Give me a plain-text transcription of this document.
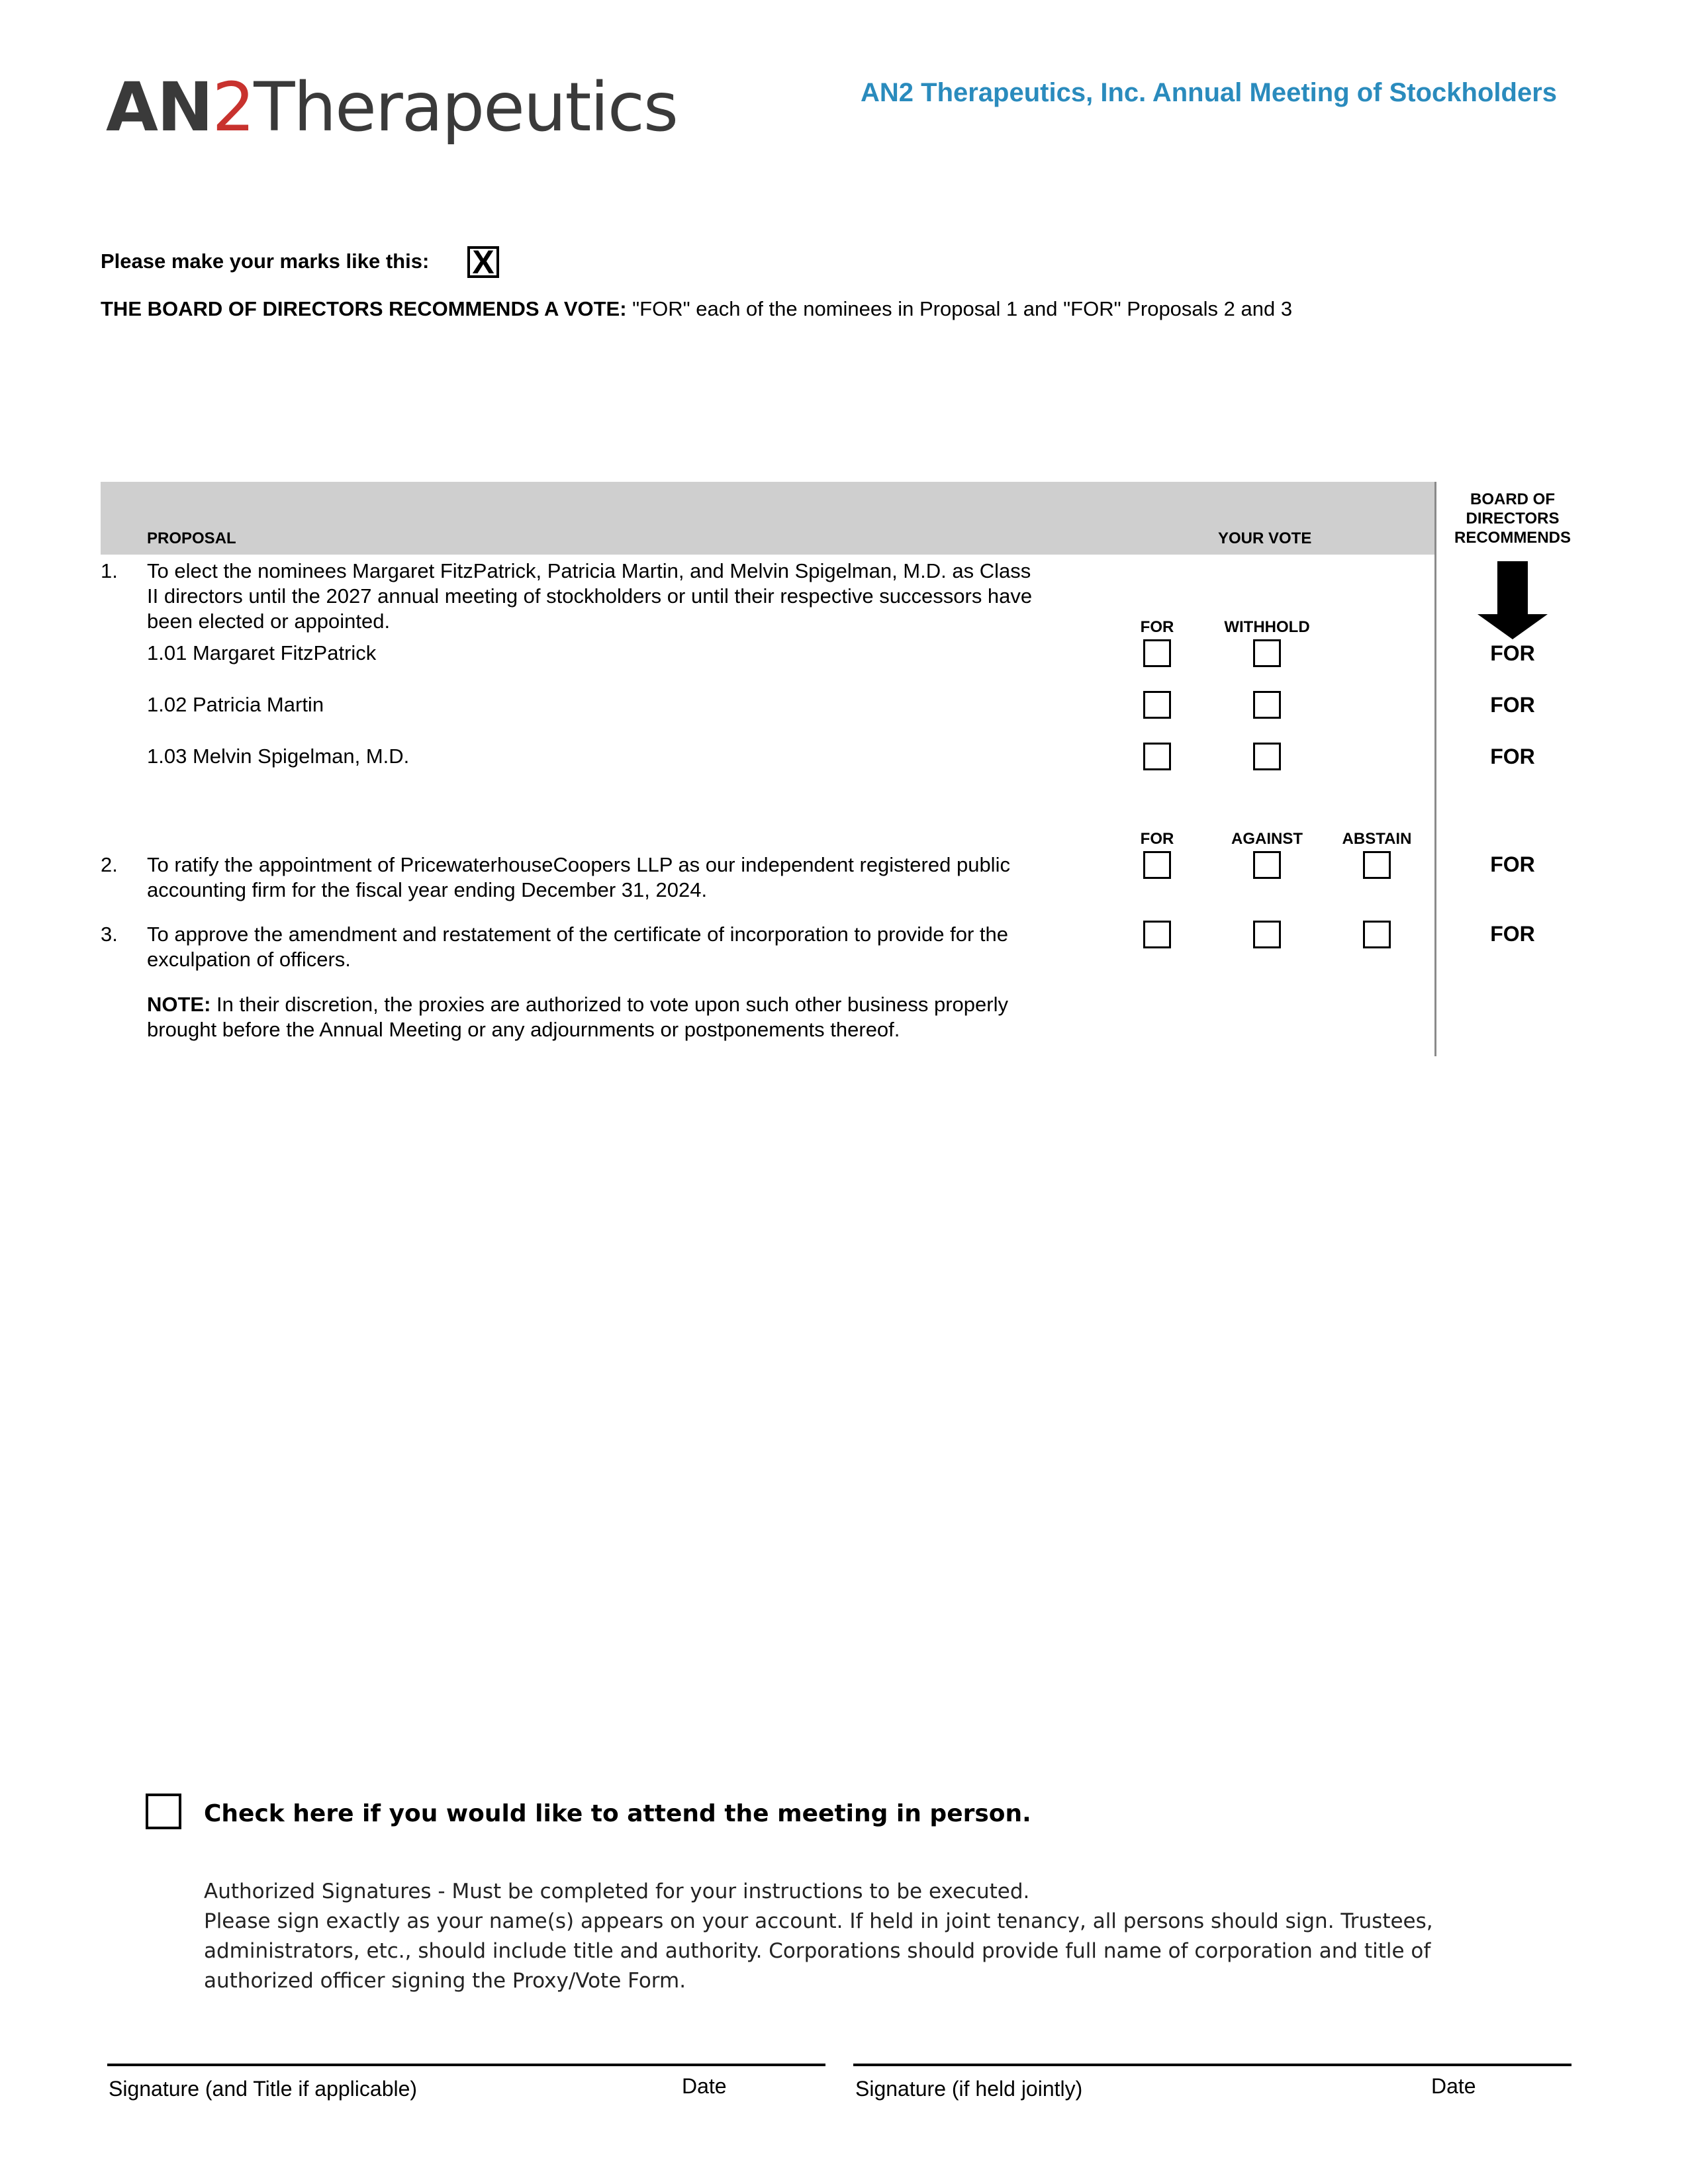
AN2Therapeutics	AN2 Therapeutics, Inc. Annual Meeting of Stockholders
Please make your marks like this: X
THE BOARD OF DIRECTORS RECOMMENDS A VOTE: "FOR" each of the nominees in Proposal 1 and "FOR" Proposals 2 and 3
PROPOSAL	YOUR VOTE
BOARD OF
DIRECTORS
RECOMMENDS
1. To elect the nominees Margaret FitzPatrick, Patricia Martin, and Melvin Spigelman, M.D. as Class
II directors until the 2027 annual meeting of stockholders or until their respective successors have
been elected or appointed.	FOR	WITHHOLD
1.01 Margaret FitzPatrick	FOR
1.02 Patricia Martin	FOR
1.03 Melvin Spigelman, M.D.	FOR
FOR	AGAINST	ABSTAIN
2. To ratify the appointment of PricewaterhouseCoopers LLP as our independent registered public
accounting firm for the fiscal year ending December 31, 2024.
FOR
3. To approve the amendment and restatement of the certificate of incorporation to provide for the
exculpation of officers.
FOR
NOTE: In their discretion, the proxies are authorized to vote upon such other business properly
brought before the Annual Meeting or any adjournments or postponements thereof.
Check here if you would like to attend the meeting in person.
Authorized Signatures - Must be completed for your instructions to be executed.
Please sign exactly as your name(s) appears on your account. If held in joint tenancy, all persons should sign. Trustees,
administrators, etc., should include title and authority. Corporations should provide full name of corporation and title of
authorized officer signing the Proxy/Vote Form.
Signature (and Title if applicable)	Date	Signature (if held jointly)	Date
